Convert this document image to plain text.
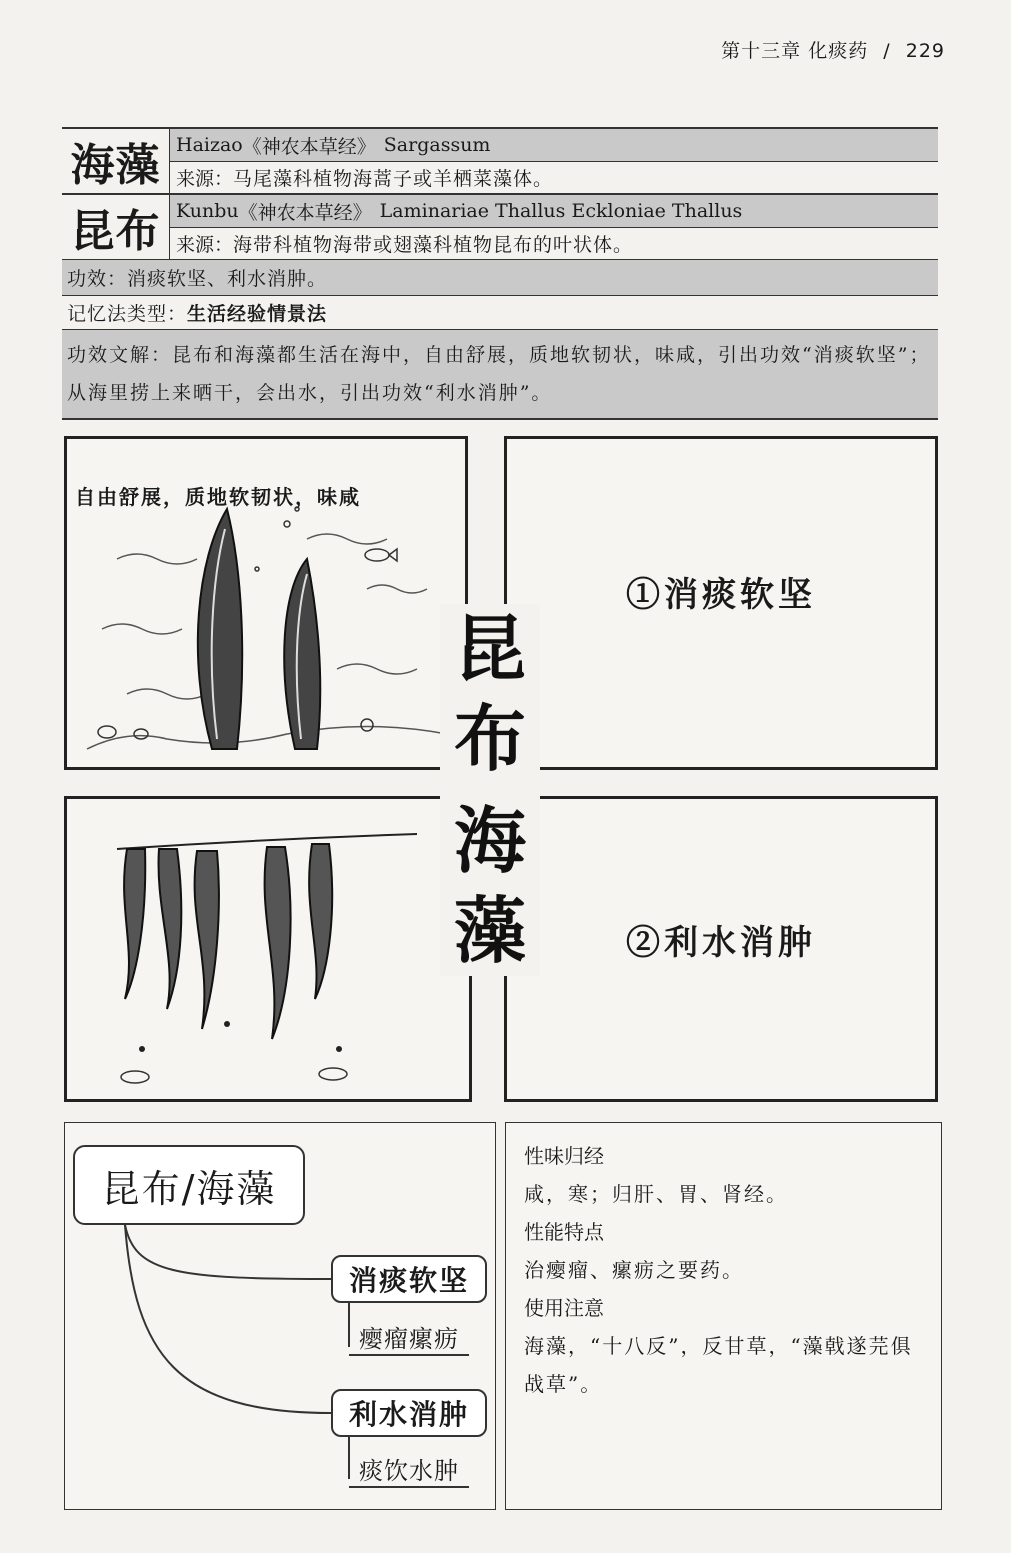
第十三章 化痰药 / 229
海藻 Haizao 《神农本草经》 Sargassum
来源： 马尾藻科植物海蒿子或羊栖菜藻体。
昆布 Kunbu 《神农本草经》 Laminariae Thallus Eckloniae Thallus
来源： 海带科植物海带或翅藻科植物昆布的叶状体。
功效： 消痰软坚、利水消肿。
记忆法类型： 生活经验情景法
功效文解：昆布和海藻都生活在海中，自由舒展，质地软韧状，味咸，引出功效“消痰软坚”；从海里捞上来晒干，会出水，引出功效“利水消肿”。
自由舒展，质地软韧状，味咸
①消痰软坚
②利水消肿
昆
布
海
藻
昆布/海藻
消痰软坚
瘿瘤瘰疬
利水消肿
痰饮水肿
性味归经
咸，寒；归肝、胃、肾经。
性能特点
治瘿瘤、瘰疬之要药。
使用注意
海藻，“十八反”，反甘草，“藻戟遂芫俱战草”。
